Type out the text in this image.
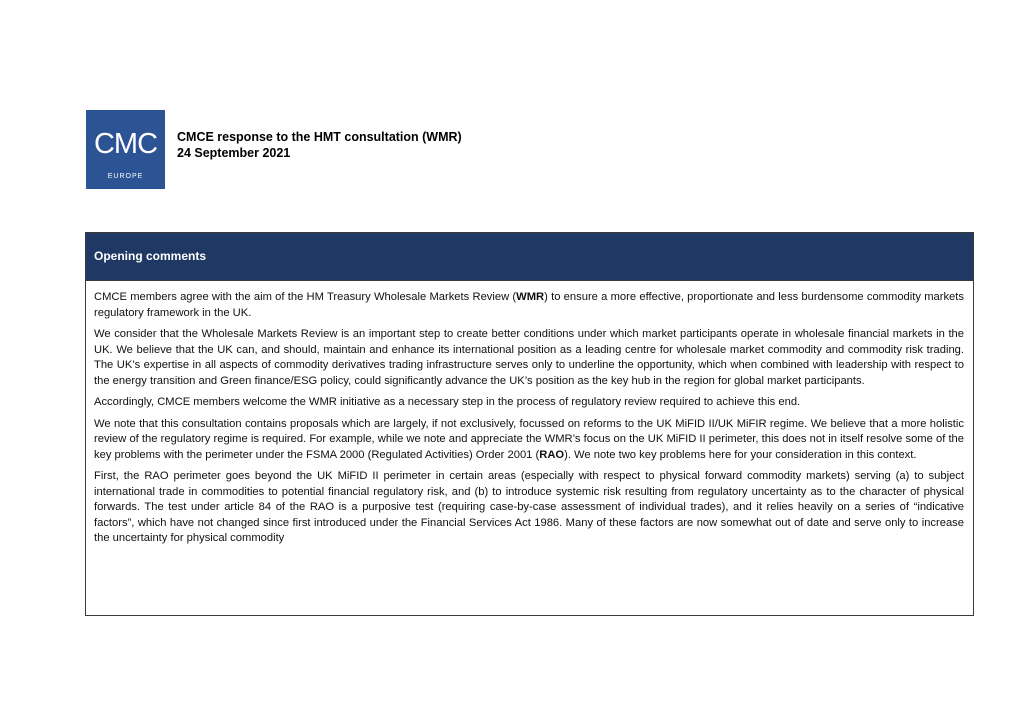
CMC
EUROPE
CMCE response to the HMT consultation (WMR)
24 September 2021
Opening comments

CMCE members agree with the aim of the HM Treasury Wholesale Markets Review (WMR) to ensure a more effective, proportionate and less burdensome commodity markets regulatory framework in the UK.

We consider that the Wholesale Markets Review is an important step to create better conditions under which market participants operate in wholesale financial markets in the UK. We believe that the UK can, and should, maintain and enhance its international position as a leading centre for wholesale market commodity and commodity risk trading. The UK’s expertise in all aspects of commodity derivatives trading infrastructure serves only to underline the opportunity, which when combined with leadership with respect to the energy transition and Green finance/ESG policy, could significantly advance the UK’s position as the key hub in the region for global market participants.

Accordingly, CMCE members welcome the WMR initiative as a necessary step in the process of regulatory review required to achieve this end.

We note that this consultation contains proposals which are largely, if not exclusively, focussed on reforms to the UK MiFID II/UK MiFIR regime. We believe that a more holistic review of the regulatory regime is required. For example, while we note and appreciate the WMR’s focus on the UK MiFID II perimeter, this does not in itself resolve some of the key problems with the perimeter under the FSMA 2000 (Regulated Activities) Order 2001 (RAO). We note two key problems here for your consideration in this context.

First, the RAO perimeter goes beyond the UK MiFID II perimeter in certain areas (especially with respect to physical forward commodity markets) serving (a) to subject international trade in commodities to potential financial regulatory risk, and (b) to introduce systemic risk resulting from regulatory uncertainty as to the character of physical forwards. The test under article 84 of the RAO is a purposive test (requiring case-by-case assessment of individual trades), and it relies heavily on a series of “indicative factors”, which have not changed since first introduced under the Financial Services Act 1986. Many of these factors are now somewhat out of date and serve only to increase the uncertainty for physical commodity
